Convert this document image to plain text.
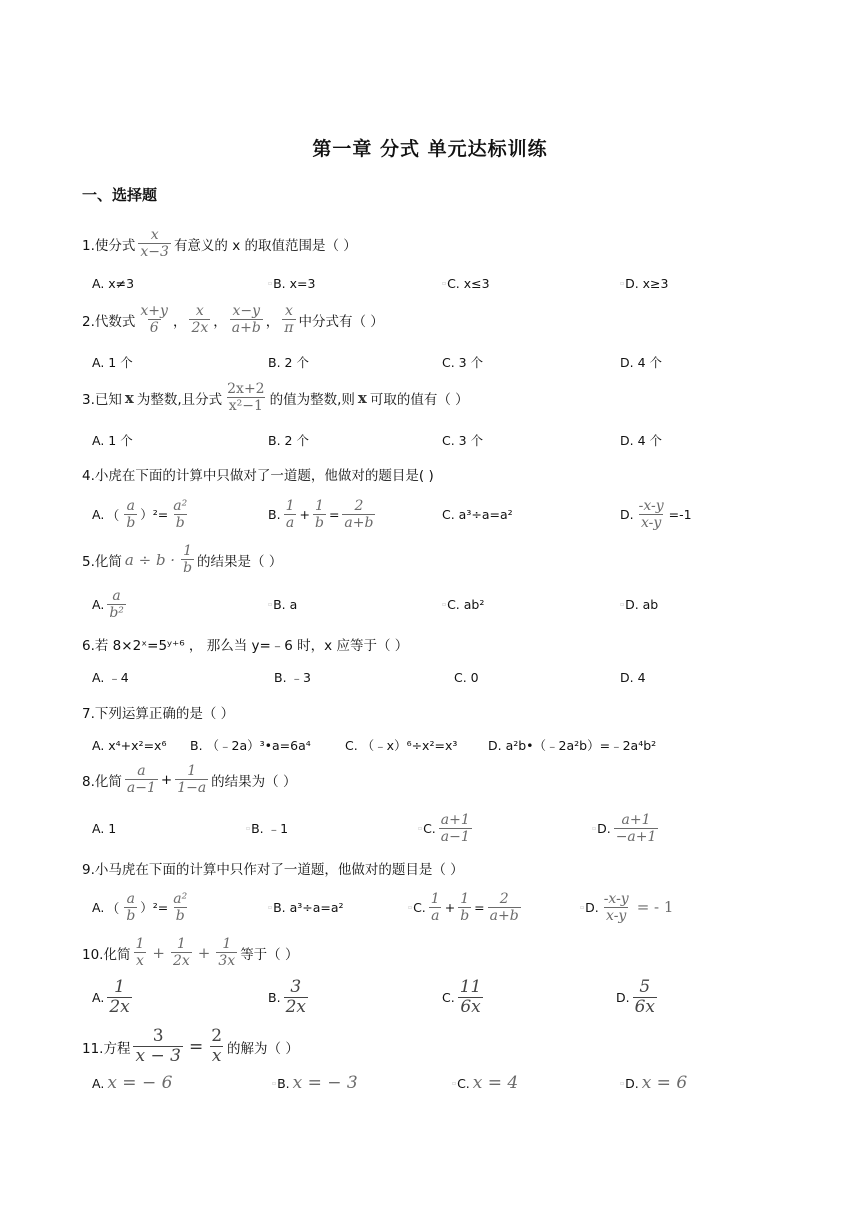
第一章 分式 单元达标训练
一、选择题
1.使分式 $\frac{x}{x-3}$ 有意义的 x 的取值范围是（ ）
A. x≠3	▫ B. x=3	▫ C. x≤3	▫ D. x≥3
2.代数式 $\frac{x+y}{6}$ ， $\frac{x}{2x}$ ， $\frac{x-y}{a+b}$ ， $\frac{x}{\pi}$ 中分式有（ ）
A. 1 个	B. 2 个	C. 3 个	D. 4 个
3.已知 x 为整数,且分式 $\frac{2x+2}{\text{x²−1}}$ 的值为整数,则 x 可取的值有（ ）
A. 1 个	B. 2 个	C. 3 个	D. 4 个
4.小虎在下面的计算中只做对了一道题，他做对的题目是( )
A. （ $\frac{a}{b} )^2= \frac{\text{a²}}{b}$	B. $\frac{1}{a} + \frac{1}{b} = \frac{2}{a+b}$	C. a³÷a=a²	D. $\frac{-x-y}{x-y} =-1$
5.化简 $a \div b \cdot \frac{1}{b}$ 的结果是（ ）
A. $\frac{a}{\text{b²}}$	▫ B. a	▫ C. ab²	▫ D. ab
6.若 8×2ˣ=5ʸ⁺⁶ ， 那么当 y=﹣6 时，x 应等于（ ）
A. ﹣4	B. ﹣3	C. 0	D. 4
7.下列运算正确的是（ ）
A. x⁴+x²=x⁶ B. （﹣2a）³•a=6a⁴	C. （﹣x）⁶÷x²=x³ D. a²b•（﹣2a²b）=﹣2a⁴b²
8.化简 $\frac{a}{a-1} + \frac{1}{1-a}$ 的结果为（ ）
A. 1	▫ B. ﹣1	▫ C. $\frac{a+1}{a-1}$	▫ D. $\frac{a+1}{-a+1}$
9.小马虎在下面的计算中只作对了一道题，他做对的题目是（ ）
A. （ $\frac{a}{b} )^2= \frac{\text{a²}}{b}$	▫ B. a³÷a=a²	▫ C. $\frac{1}{a} + \frac{1}{b} = \frac{2}{a+b}$	▫ D. $\frac{-x-y}{x-y}$ = - 1
10.化简 $\frac{1}{x} + \frac{1}{2x} + \frac{1}{3x}$ 等于（ ）
A. $\frac{1}{2x}$	B. $\frac{3}{2x}$	C. $\frac{11}{6x}$	D. $\frac{5}{6x}$
11.方程 $\frac{3}{x - 3} = \frac{2}{x}$ 的解为（ ）
A. x = − 6	▫ B. x = − 3	▫ C. x = 4	▫ D. x = 6
